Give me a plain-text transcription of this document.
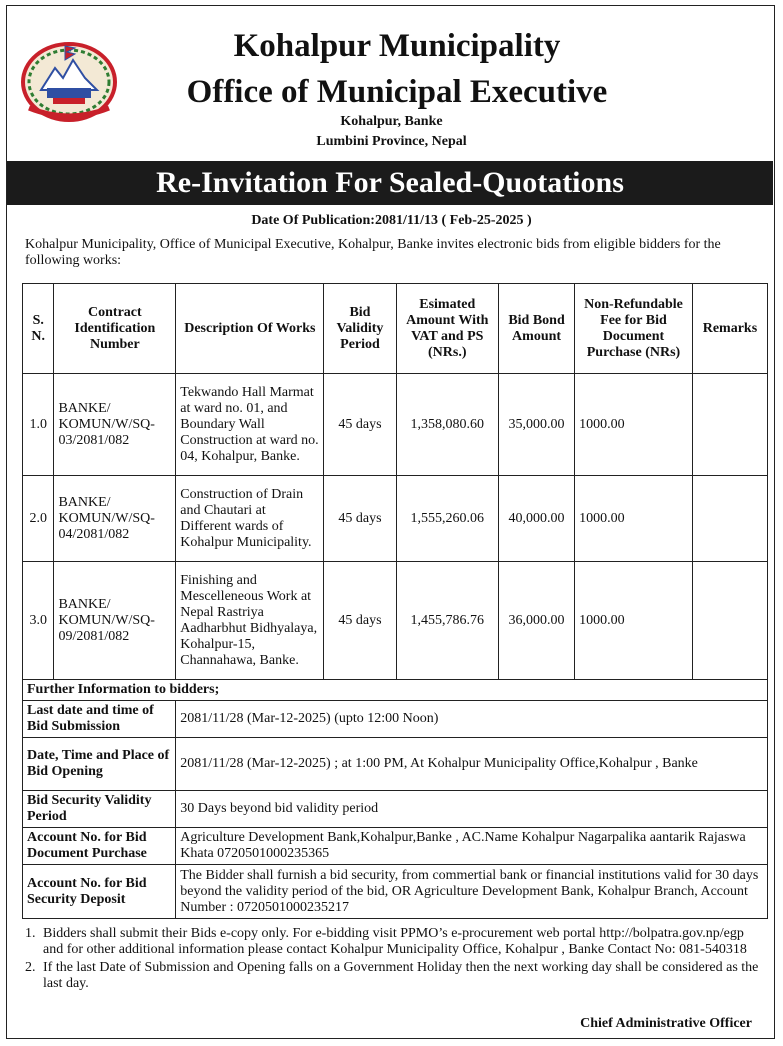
Kohalpur Municipality
Office of Municipal Executive
Kohalpur, Banke
Lumbini Province, Nepal
Re-Invitation For Sealed-Quotations
Date Of Publication:2081/11/13 ( Feb-25-2025 )
Kohalpur Municipality, Office of Municipal Executive, Kohalpur, Banke invites electronic bids from eligible bidders for the following works:
S. N.	Contract Identification Number	Description Of Works	Bid Validity Period	Esimated Amount With VAT and PS (NRs.)	Bid Bond Amount	Non-Refundable Fee for Bid Document Purchase (NRs)	Remarks
1.0	BANKE/ KOMUN/W/SQ-03/2081/082	Tekwando Hall Marmat at ward no. 01, and Boundary Wall Construction at ward no. 04, Kohalpur, Banke.	45 days	1,358,080.60	35,000.00	1000.00	
2.0	BANKE/ KOMUN/W/SQ-04/2081/082	Construction of Drain and Chautari at Different wards of Kohalpur Municipality.	45 days	1,555,260.06	40,000.00	1000.00	
3.0	BANKE/ KOMUN/W/SQ-09/2081/082	Finishing and Mescelleneous Work at Nepal Rastriya Aadharbhut Bidhyalaya, Kohalpur-15, Channahawa, Banke.	45 days	1,455,786.76	36,000.00	1000.00	
Further Information to bidders;							
Last date and time of Bid Submission		2081/11/28 (Mar-12-2025) (upto 12:00 Noon)					
Date, Time and Place of Bid Opening		2081/11/28 (Mar-12-2025) ; at 1:00 PM, At Kohalpur Municipality Office,Kohalpur , Banke					
Bid Security Validity Period		30 Days beyond bid validity period					
Account No. for Bid Document Purchase		Agriculture Development Bank,Kohalpur,Banke , AC.Name Kohalpur Nagarpalika aantarik Rajaswa Khata 0720501000235365					
Account No. for Bid Security Deposit		The Bidder shall furnish a bid security, from commertial bank or financial institutions valid for 30 days beyond the validity period of the bid, OR Agriculture Development Bank, Kohalpur Branch, Account Number : 0720501000235217					
1. Bidders shall submit their Bids e-copy only. For e-bidding visit PPMO’s e-procurement web portal http://bolpatra.gov.np/egp and for other additional information please contact Kohalpur Municipality Office, Kohalpur , Banke Contact No: 081-540318
2. If the last Date of Submission and Opening falls on a Government Holiday then the next working day shall be considered as the last day.
Chief Administrative Officer
